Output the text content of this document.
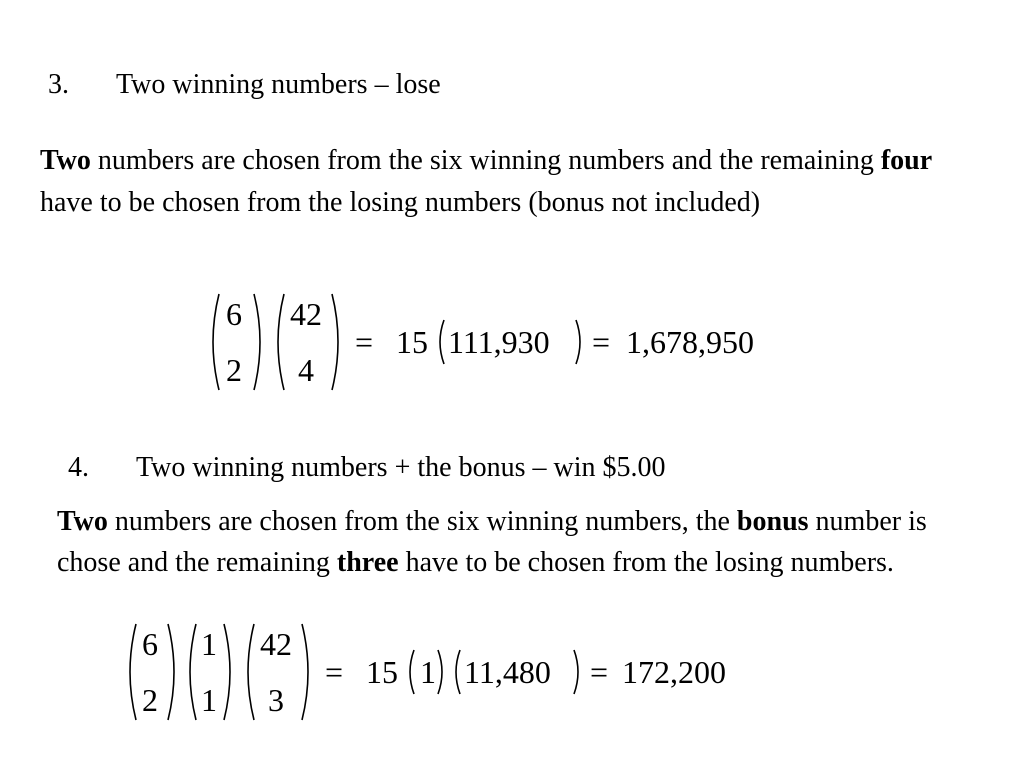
3. Two winning numbers – lose
Two numbers are chosen from the six winning numbers and the remaining four have to be chosen from the losing numbers (bonus not included)
6
2
42
4
= 15 111,930 = 1,678,950
4. Two winning numbers + the bonus – win $5.00
Two numbers are chosen from the six winning numbers, the bonus number is chose and the remaining three have to be chosen from the losing numbers.
6
2
1
1
42
3
= 15 1 11,480 = 172,200
